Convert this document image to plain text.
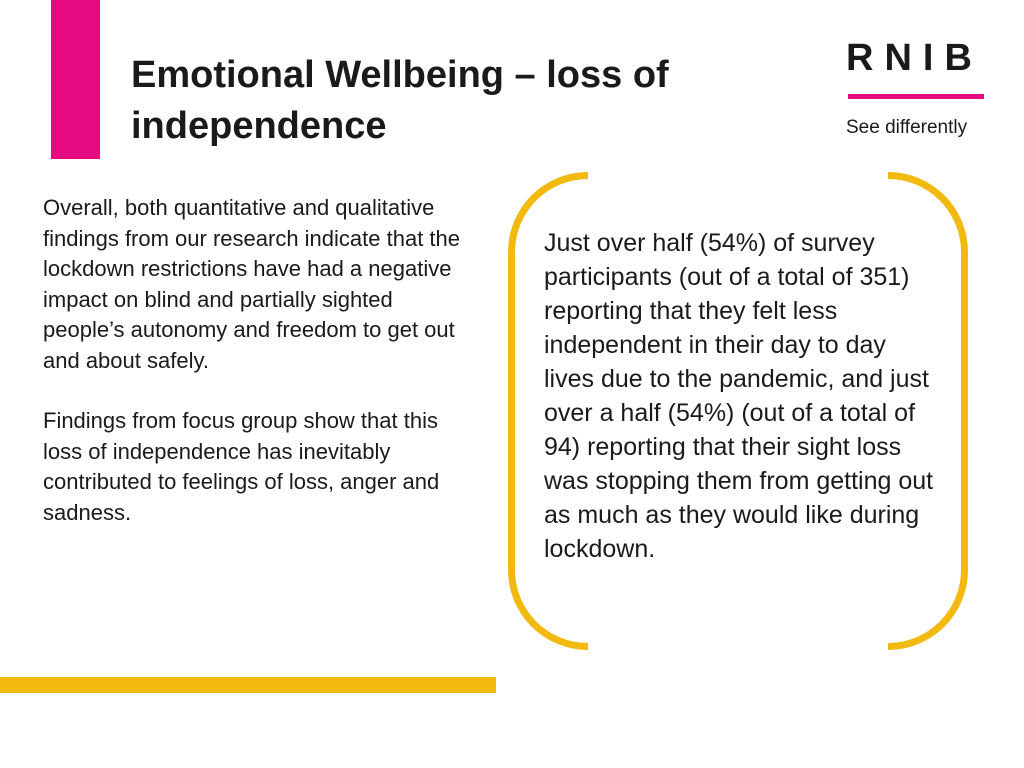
Emotional Wellbeing – loss of independence
RNIB
See differently

Overall, both quantitative and qualitative findings from our research indicate that the lockdown restrictions have had a negative impact on blind and partially sighted people’s autonomy and freedom to get out and about safely.

Findings from focus group show that this loss of independence has inevitably contributed to feelings of loss, anger and sadness.

Just over half (54%) of survey participants (out of a total of 351) reporting that they felt less independent in their day to day lives due to the pandemic, and just over a half (54%) (out of a total of 94) reporting that their sight loss was stopping them from getting out as much as they would like during lockdown.
